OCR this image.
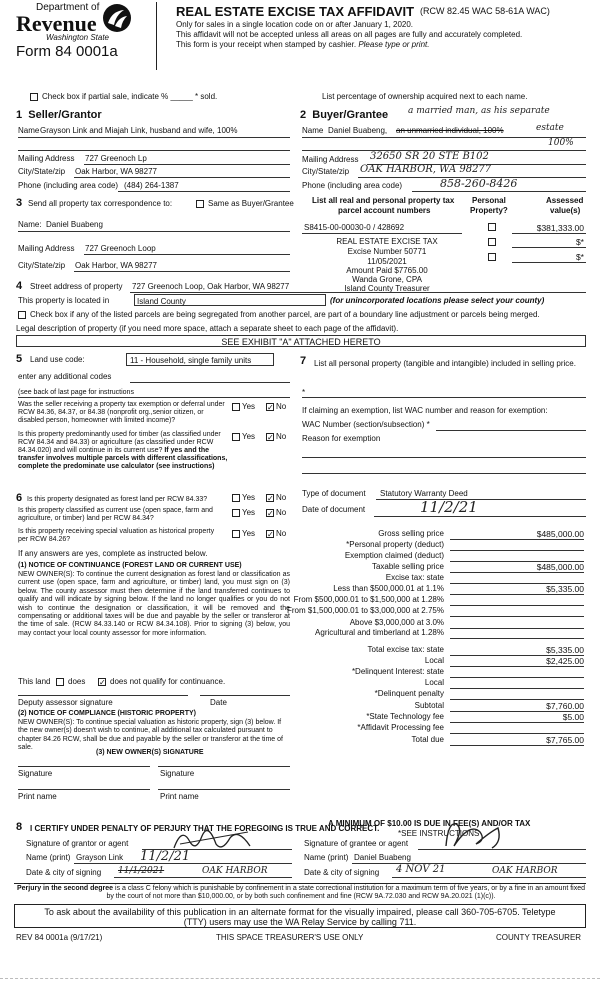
Department of
Revenue
Washington State
Form 84 0001a
REAL ESTATE EXCISE TAX AFFIDAVIT (RCW 82.45 WAC 58-61A WAC)
Only for sales in a single location code on or after January 1, 2020.
This affidavit will not be accepted unless all areas on all pages are fully and accurately completed.
This form is your receipt when stamped by cashier. Please type or print.
Check box if partial sale, indicate % _____ * sold.	List percentage of ownership acquired next to each name.
1 Seller/Grantor
Name Grayson Link and Miajah Link, husband and wife, 100%
Mailing Address 727 Greenoch Lp
City/State/zip Oak Harbor, WA 98277
Phone (including area code) (484) 264-1387
2 Buyer/Grantee a married man, as his separate
Name Daniel Buabeng, an unmarried individual, 100%	estate
100%
Mailing Address 32650 SR 20 STE B102
City/State/zip OAK HARBOR, WA 98277
Phone (including area code)	858-260-8426
3 Send all property tax correspondence to:	Same as Buyer/Grantee
Name: Daniel Buabeng
Mailing Address 727 Greenoch Loop
City/State/zip Oak Harbor, WA 98277
List all real and personal property tax
parcel account numbers
Personal
Property?
Assessed
value(s)
S8415-00-00030-0 / 428692	$381,333.00
$*
$*
REAL ESTATE EXCISE TAX
Excise Number 50771
11/05/2021
Amount Paid $7765.00
Wanda Grone, CPA
Island County Treasurer
4 Street address of property 727 Greenoch Loop, Oak Harbor, WA 98277
This property is located in	Island County	(for unincorporated locations please select your county)
Check box if any of the listed parcels are being segregated from another parcel, are part of a boundary line adjustment or parcels being merged.
Legal description of property (if you need more space, attach a separate sheet to each page of the affidavit).
SEE EXHIBIT "A" ATTACHED HERETO
5 Land use code:	11 - Household, single family units
enter any additional codes
(see back of last page for instructions
Was the seller receiving a property tax exemption or deferral under RCW 84.36, 84.37, or 84.38 (nonprofit org.,senior citizen, or disabled person, homeowner with limited income)?
Yes ✓ No
Is this property predominantly used for timber (as classified under RCW 84.34 and 84.33) or agriculture (as classified under RCW 84.34.020) and will continue in its current use? If yes and the transfer involves multiple parcels with different classifications, complete the predominate use calculator (see instructions)
Yes ✓ No
7 List all personal property (tangible and intangible) included in selling price.
*
If claiming an exemption, list WAC number and reason for exemption:
WAC Number (section/subsection) *
Reason for exemption
6 Is this property designated as forest land per RCW 84.33?	Yes ✓ No
Is this property classified as current use (open space, farm and agriculture, or timber) land per RCW 84.34?
Yes ✓ No
Is this property receiving special valuation as historical property per RCW 84.26?
Yes ✓ No
If any answers are yes, complete as instructed below.
(1) NOTICE OF CONTINUANCE (FOREST LAND OR CURRENT USE)
NEW OWNER(S): To continue the current designation as forest land or classification as current use (open space, farm and agriculture, or timber) land, you must sign on (3) below. The county assessor must then determine if the land transferred continues to qualify and will indicate by signing below. If the land no longer qualifies or you do not wish to continue the designation or classification, it will be removed and the compensating or additional taxes will be due and payable by the seller or transferor at the time of sale. (RCW 84.33.140 or RCW 84.34.108). Prior to signing (3) below, you may contact your local county assessor for more information.
This land does ✓ does not qualify for continuance.
Deputy assessor signature	Date
(2) NOTICE OF COMPLIANCE (HISTORIC PROPERTY)
NEW OWNER(S): To continue special valuation as historic property, sign (3) below. If the new owner(s) doesn't wish to continue, all additional tax calculated pursuant to chapter 84.26 RCW, shall be due and payable by the seller or transferor at the time of sale.
(3) NEW OWNER(S) SIGNATURE
Signature	Signature
Print name	Print name
Type of document Statutory Warranty Deed
Date of document	11/2/21
Gross selling price	$485,000.00
*Personal property (deduct)
Exemption claimed (deduct)
Taxable selling price	$485,000.00
Excise tax: state
Less than $500,000.01 at 1.1%	$5,335.00
From $500,000.01 to $1,500,000 at 1.28%
From $1,500,000.01 to $3,000,000 at 2.75%
Above $3,000,000 at 3.0%
Agricultural and timberland at 1.28%
Total excise tax: state	$5,335.00
Local	$2,425.00
*Delinquent Interest: state
Local
*Delinquent penalty
Subtotal	$7,760.00
*State Technology fee	$5.00
*Affidavit Processing fee
Total due	$7,765.00
A MINIMUM OF $10.00 IS DUE IN FEE(S) AND/OR TAX
*SEE INSTRUCTIONS
8 I CERTIFY UNDER PENALTY OF PERJURY THAT THE FOREGOING IS TRUE AND CORRECT.
Signature of grantor or agent
Name (print) Grayson Link 11/2/21
Date & city of signing 11/1/2021	OAK HARBOR
Signature of grantee or agent
Name (print) Daniel Buabeng
Date & city of signing 4 NOV 21	OAK HARBOR
Perjury in the second degree is a class C felony which is punishable by confinement in a state correctional institution for a maximum term of five years, or by a fine in an amount fixed by the court of not more than $10,000.00, or by both such confinement and fine (RCW 9A.72.030 and RCW 9A.20.021 (1)(c)).
To ask about the availability of this publication in an alternate format for the visually impaired, please call 360-705-6705. Teletype
(TTY) users may use the WA Relay Service by calling 711.
REV 84 0001a (9/17/21)	THIS SPACE TREASURER'S USE ONLY	COUNTY TREASURER
